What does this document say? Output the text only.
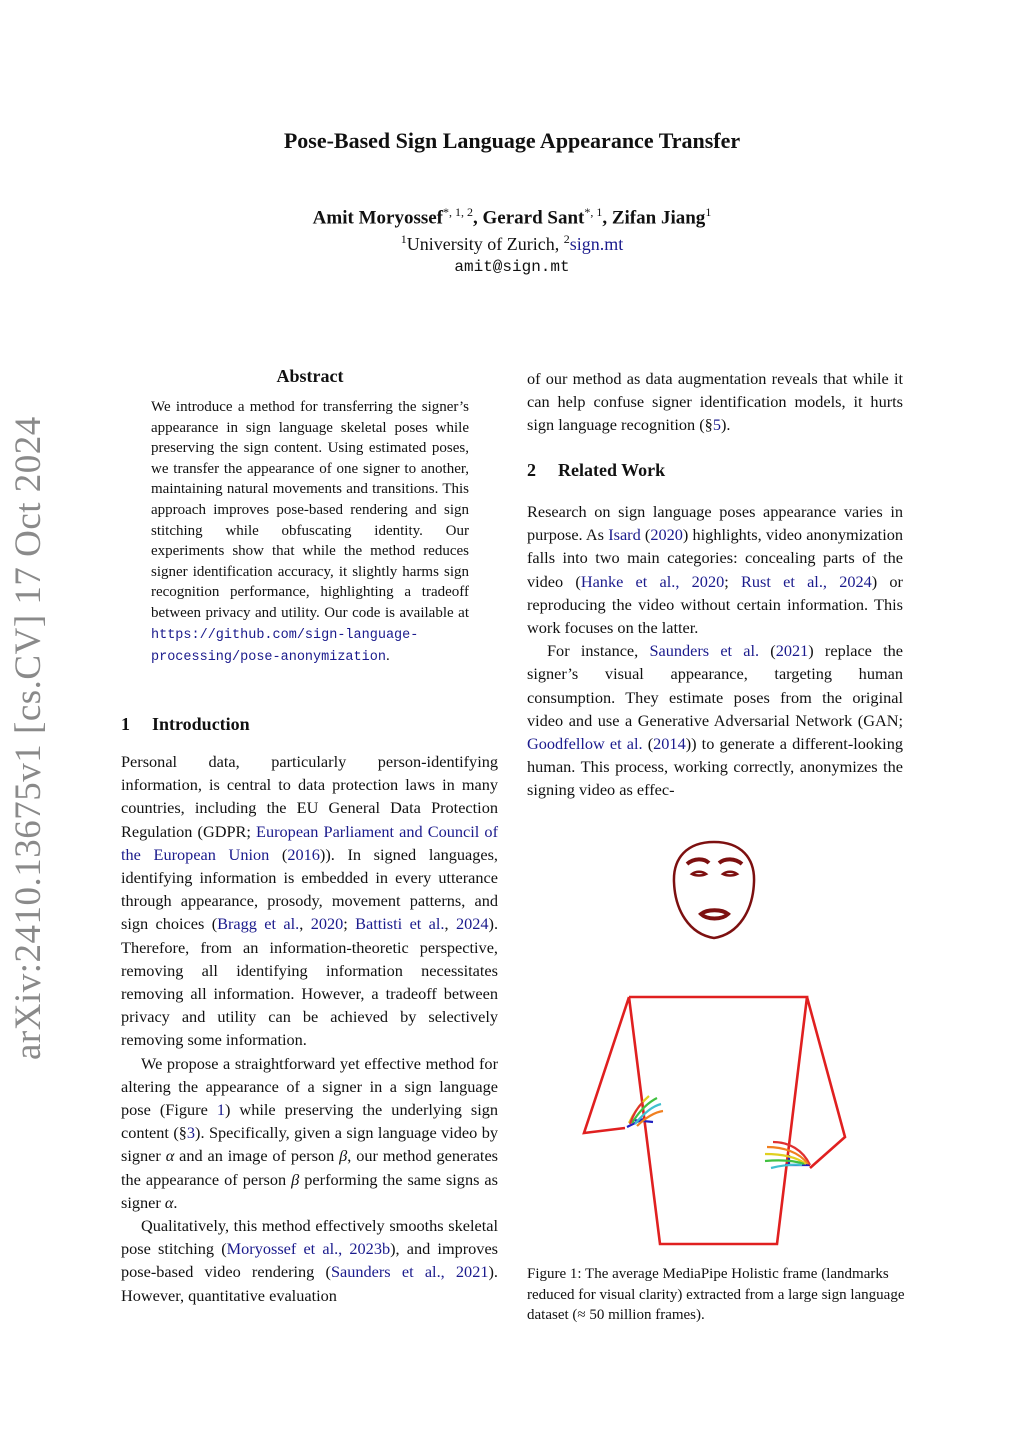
Pose-Based Sign Language Appearance Transfer
Amit Moryossef$^{*, 1, 2}$, Gerard Sant$^{*, 1}$, Zifan Jiang$^1$
$^1$University of Zurich, $^2$sign.mt
amit@sign.mt
arXiv:2410.13675v1 [cs.CV] 17 Oct 2024
Abstract
We introduce a method for transferring the signer’s appearance in sign language skeletal poses while preserving the sign content. Using estimated poses, we transfer the appearance of one signer to another, maintaining natural movements and transitions. This approach improves pose-based rendering and sign stitching while obfuscating identity. Our experiments show that while the method reduces signer identification accuracy, it slightly harms sign recognition performance, highlighting a tradeoff between privacy and utility. Our code is available at https://github.com/sign-language-processing/pose-anonymization.
1 Introduction

Personal data, particularly person-identifying information, is central to data protection laws in many countries, including the EU General Data Protection Regulation (GDPR; European Parliament and Council of the European Union (2016)). In signed languages, identifying information is embedded in every utterance through appearance, prosody, movement patterns, and sign choices (Bragg et al., 2020; Battisti et al., 2024). Therefore, from an information-theoretic perspective, removing all identifying information necessitates removing all information. However, a tradeoff between privacy and utility can be achieved by selectively removing some information.

We propose a straightforward yet effective method for altering the appearance of a signer in a sign language pose (Figure 1) while preserving the underlying sign content (§3). Specifically, given a sign language video by signer α and an image of person β, our method generates the appearance of person β performing the same signs as signer α.

Qualitatively, this method effectively smooths skeletal pose stitching (Moryossef et al., 2023b), and improves pose-based video rendering (Saunders et al., 2021). However, quantitative evaluation

of our method as data augmentation reveals that while it can help confuse signer identification models, it hurts sign language recognition (§5).

2 Related Work

Research on sign language poses appearance varies in purpose. As Isard (2020) highlights, video anonymization falls into two main categories: concealing parts of the video (Hanke et al., 2020; Rust et al., 2024) or reproducing the video without certain information. This work focuses on the latter.

For instance, Saunders et al. (2021) replace the signer’s visual appearance, targeting human consumption. They estimate poses from the original video and use a Generative Adversarial Network (GAN; Goodfellow et al. (2014)) to generate a different-looking human. This process, working correctly, anonymizes the signing video as effec-

Figure 1: The average MediaPipe Holistic frame (landmarks reduced for visual clarity) extracted from a large sign language dataset (≈ 50 million frames).
